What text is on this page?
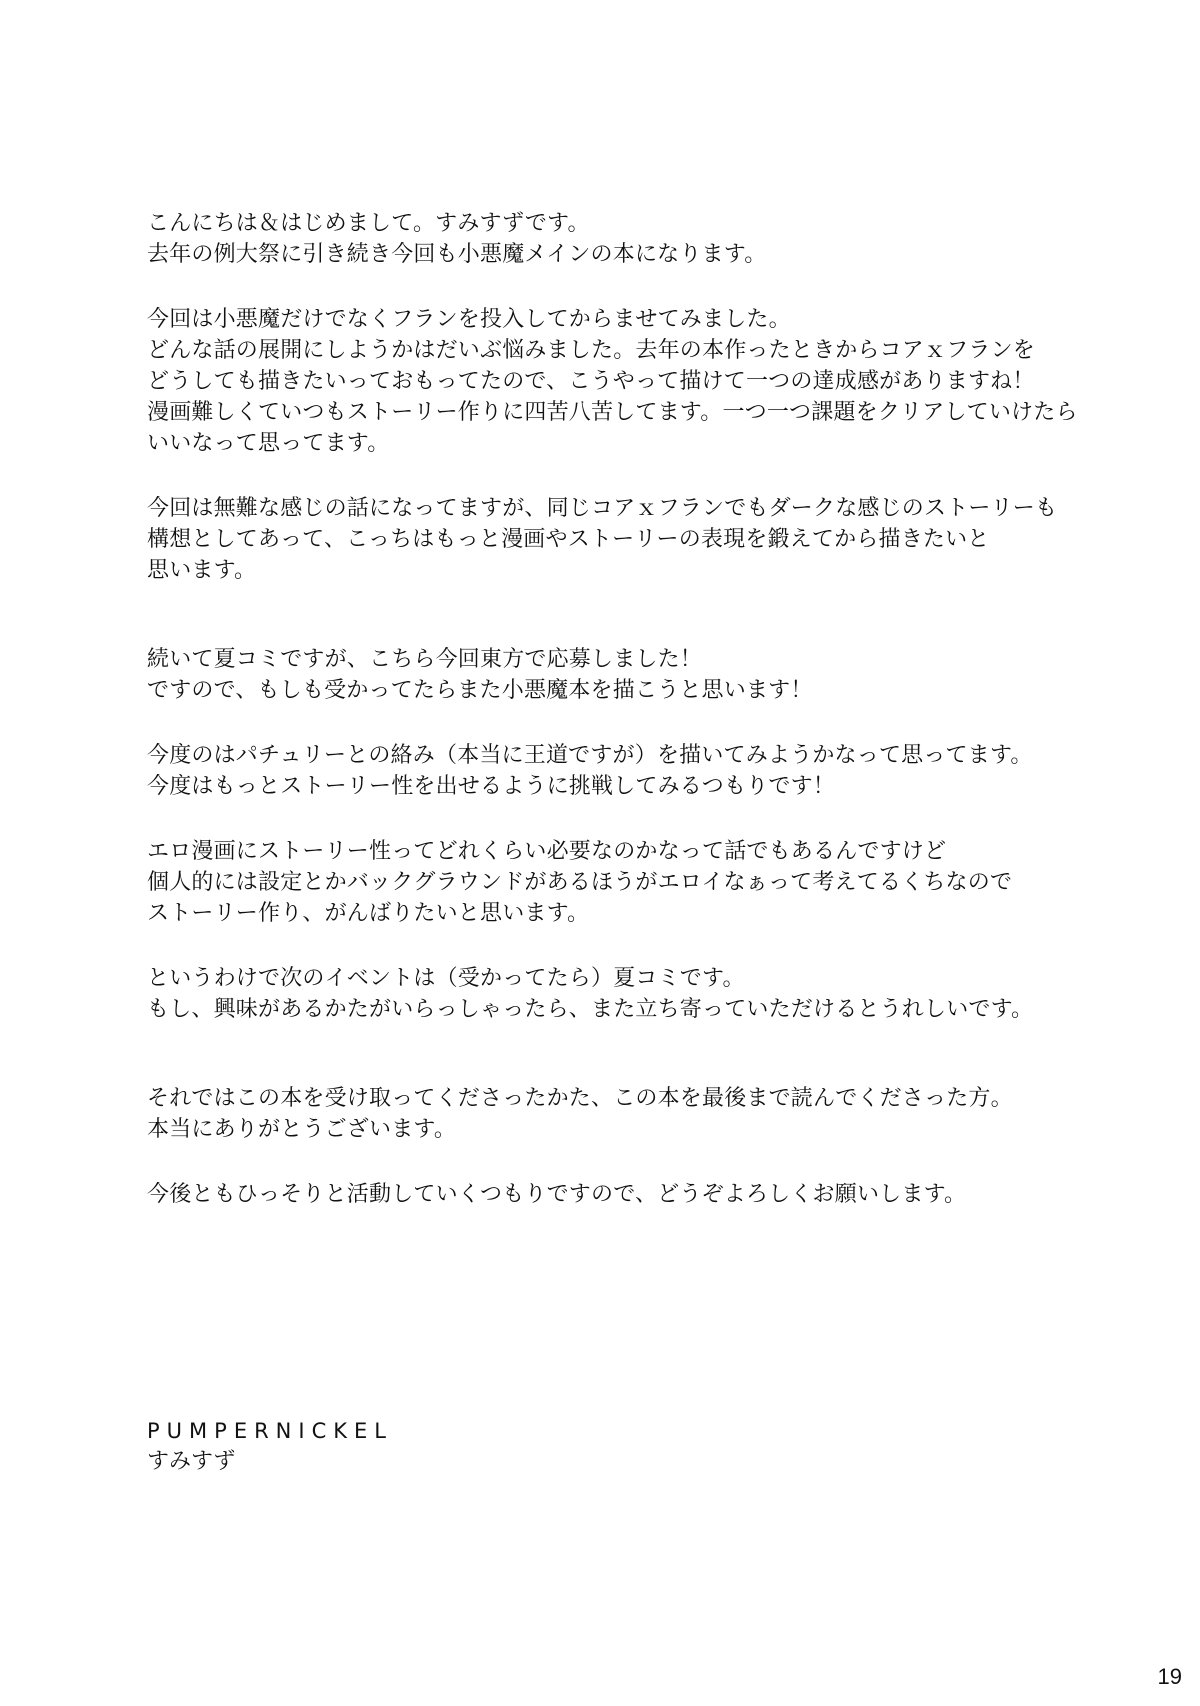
こんにちは＆はじめまして。すみすずです。
去年の例大祭に引き続き今回も小悪魔メインの本になります。

今回は小悪魔だけでなくフランを投入してからませてみました。
どんな話の展開にしようかはだいぶ悩みました。去年の本作ったときからコアｘフランを
どうしても描きたいっておもってたので、こうやって描けて一つの達成感がありますね！
漫画難しくていつもストーリー作りに四苦八苦してます。一つ一つ課題をクリアしていけたら
いいなって思ってます。

今回は無難な感じの話になってますが、同じコアｘフランでもダークな感じのストーリーも
構想としてあって、こっちはもっと漫画やストーリーの表現を鍛えてから描きたいと
思います。

続いて夏コミですが、こちら今回東方で応募しました！
ですので、もしも受かってたらまた小悪魔本を描こうと思います！

今度のはパチュリーとの絡み（本当に王道ですが）を描いてみようかなって思ってます。
今度はもっとストーリー性を出せるように挑戦してみるつもりです！

エロ漫画にストーリー性ってどれくらい必要なのかなって話でもあるんですけど
個人的には設定とかバックグラウンドがあるほうがエロイなぁって考えてるくちなので
ストーリー作り、がんばりたいと思います。

というわけで次のイベントは（受かってたら）夏コミです。
もし、興味があるかたがいらっしゃったら、また立ち寄っていただけるとうれしいです。

それではこの本を受け取ってくださったかた、この本を最後まで読んでくださった方。
本当にありがとうございます。

今後ともひっそりと活動していくつもりですので、どうぞよろしくお願いします。

PUMPERNICKEL
すみすず
19
